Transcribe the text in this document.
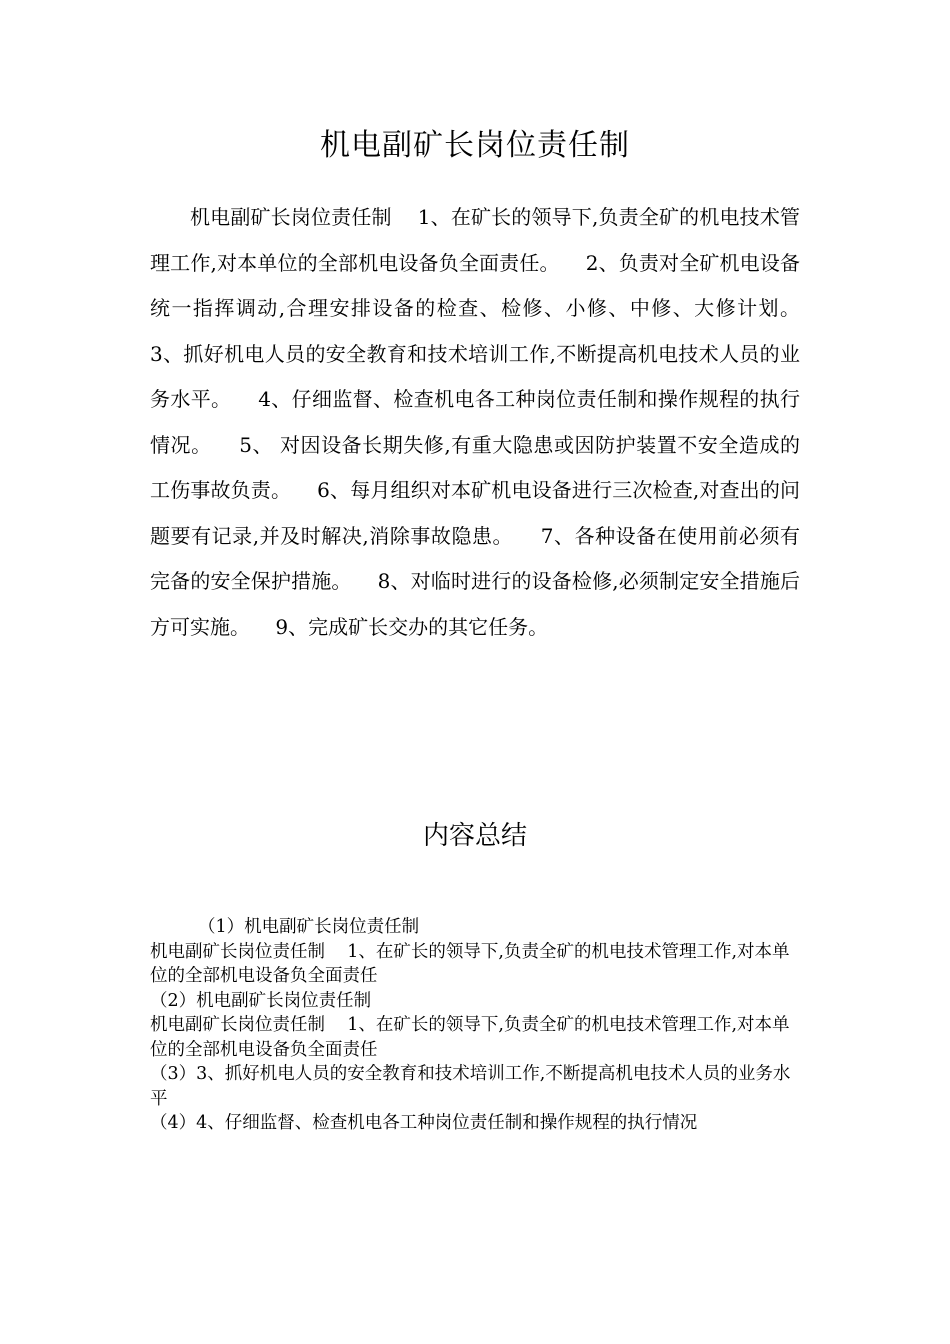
机电副矿长岗位责任制

机电副矿长岗位责任制    1、在矿长的领导下,负责全矿的机电技术管理工作,对本单位的全部机电设备负全面责任。    2、负责对全矿机电设备统一指挥调动,合理安排设备的检查、检修、小修、中修、大修计划。    3、抓好机电人员的安全教育和技术培训工作,不断提高机电技术人员的业务水平。    4、仔细监督、检查机电各工种岗位责任制和操作规程的执行情况。    5、 对因设备长期失修,有重大隐患或因防护装置不安全造成的工伤事故负责。    6、每月组织对本矿机电设备进行三次检查,对查出的问题要有记录,并及时解决,消除事故隐患。    7、各种设备在使用前必须有完备的安全保护措施。    8、对临时进行的设备检修,必须制定安全措施后方可实施。    9、完成矿长交办的其它任务。

内容总结

（1）机电副矿长岗位责任制

机电副矿长岗位责任制    1、在矿长的领导下,负责全矿的机电技术管理工作,对本单位的全部机电设备负全面责任

（2）机电副矿长岗位责任制

机电副矿长岗位责任制    1、在矿长的领导下,负责全矿的机电技术管理工作,对本单位的全部机电设备负全面责任

（3）3、抓好机电人员的安全教育和技术培训工作,不断提高机电技术人员的业务水平

（4）4、仔细监督、检查机电各工种岗位责任制和操作规程的执行情况
